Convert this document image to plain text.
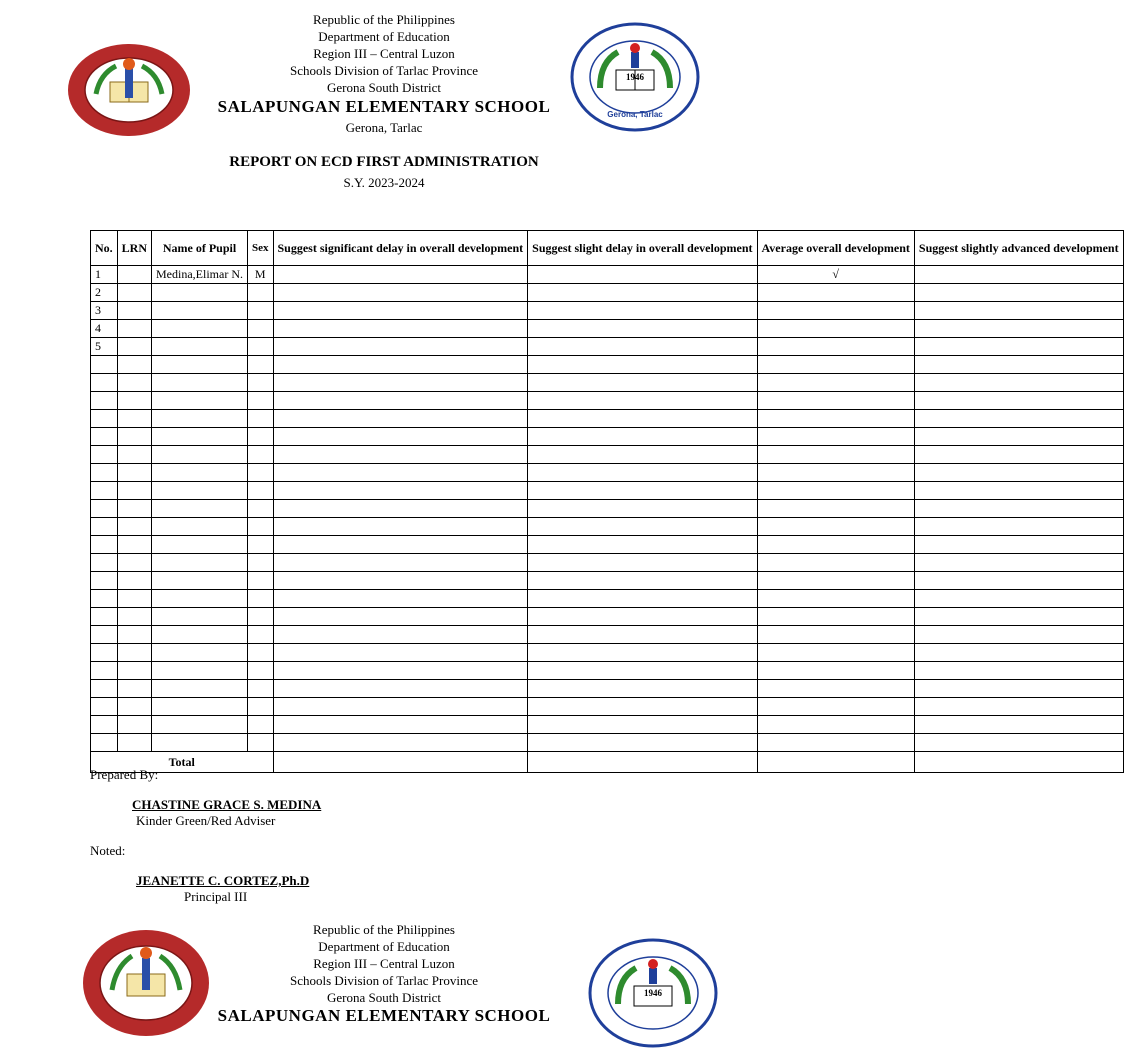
1946
Gerona, Tarlac
Republic of the Philippines
Department of Education
Region III – Central Luzon
Schools Division of Tarlac Province
Gerona South District
SALAPUNGAN ELEMENTARY SCHOOL
Gerona, Tarlac
REPORT ON ECD FIRST ADMINISTRATION
S.Y. 2023-2024
No.	LRN	Name of Pupil	Sex	Suggest significant delay in overall development	Suggest slight delay in overall development	Average overall development	Suggest slightly advanced development
1		Medina,Elimar N.	M			√	
2							
3							
4							
5							

Total							
Prepared By:
CHASTINE GRACE S. MEDINA
Kinder Green/Red Adviser
Noted:
JEANETTE C. CORTEZ,Ph.D
Principal III
1946
Republic of the Philippines
Department of Education
Region III – Central Luzon
Schools Division of Tarlac Province
Gerona South District
SALAPUNGAN ELEMENTARY SCHOOL
